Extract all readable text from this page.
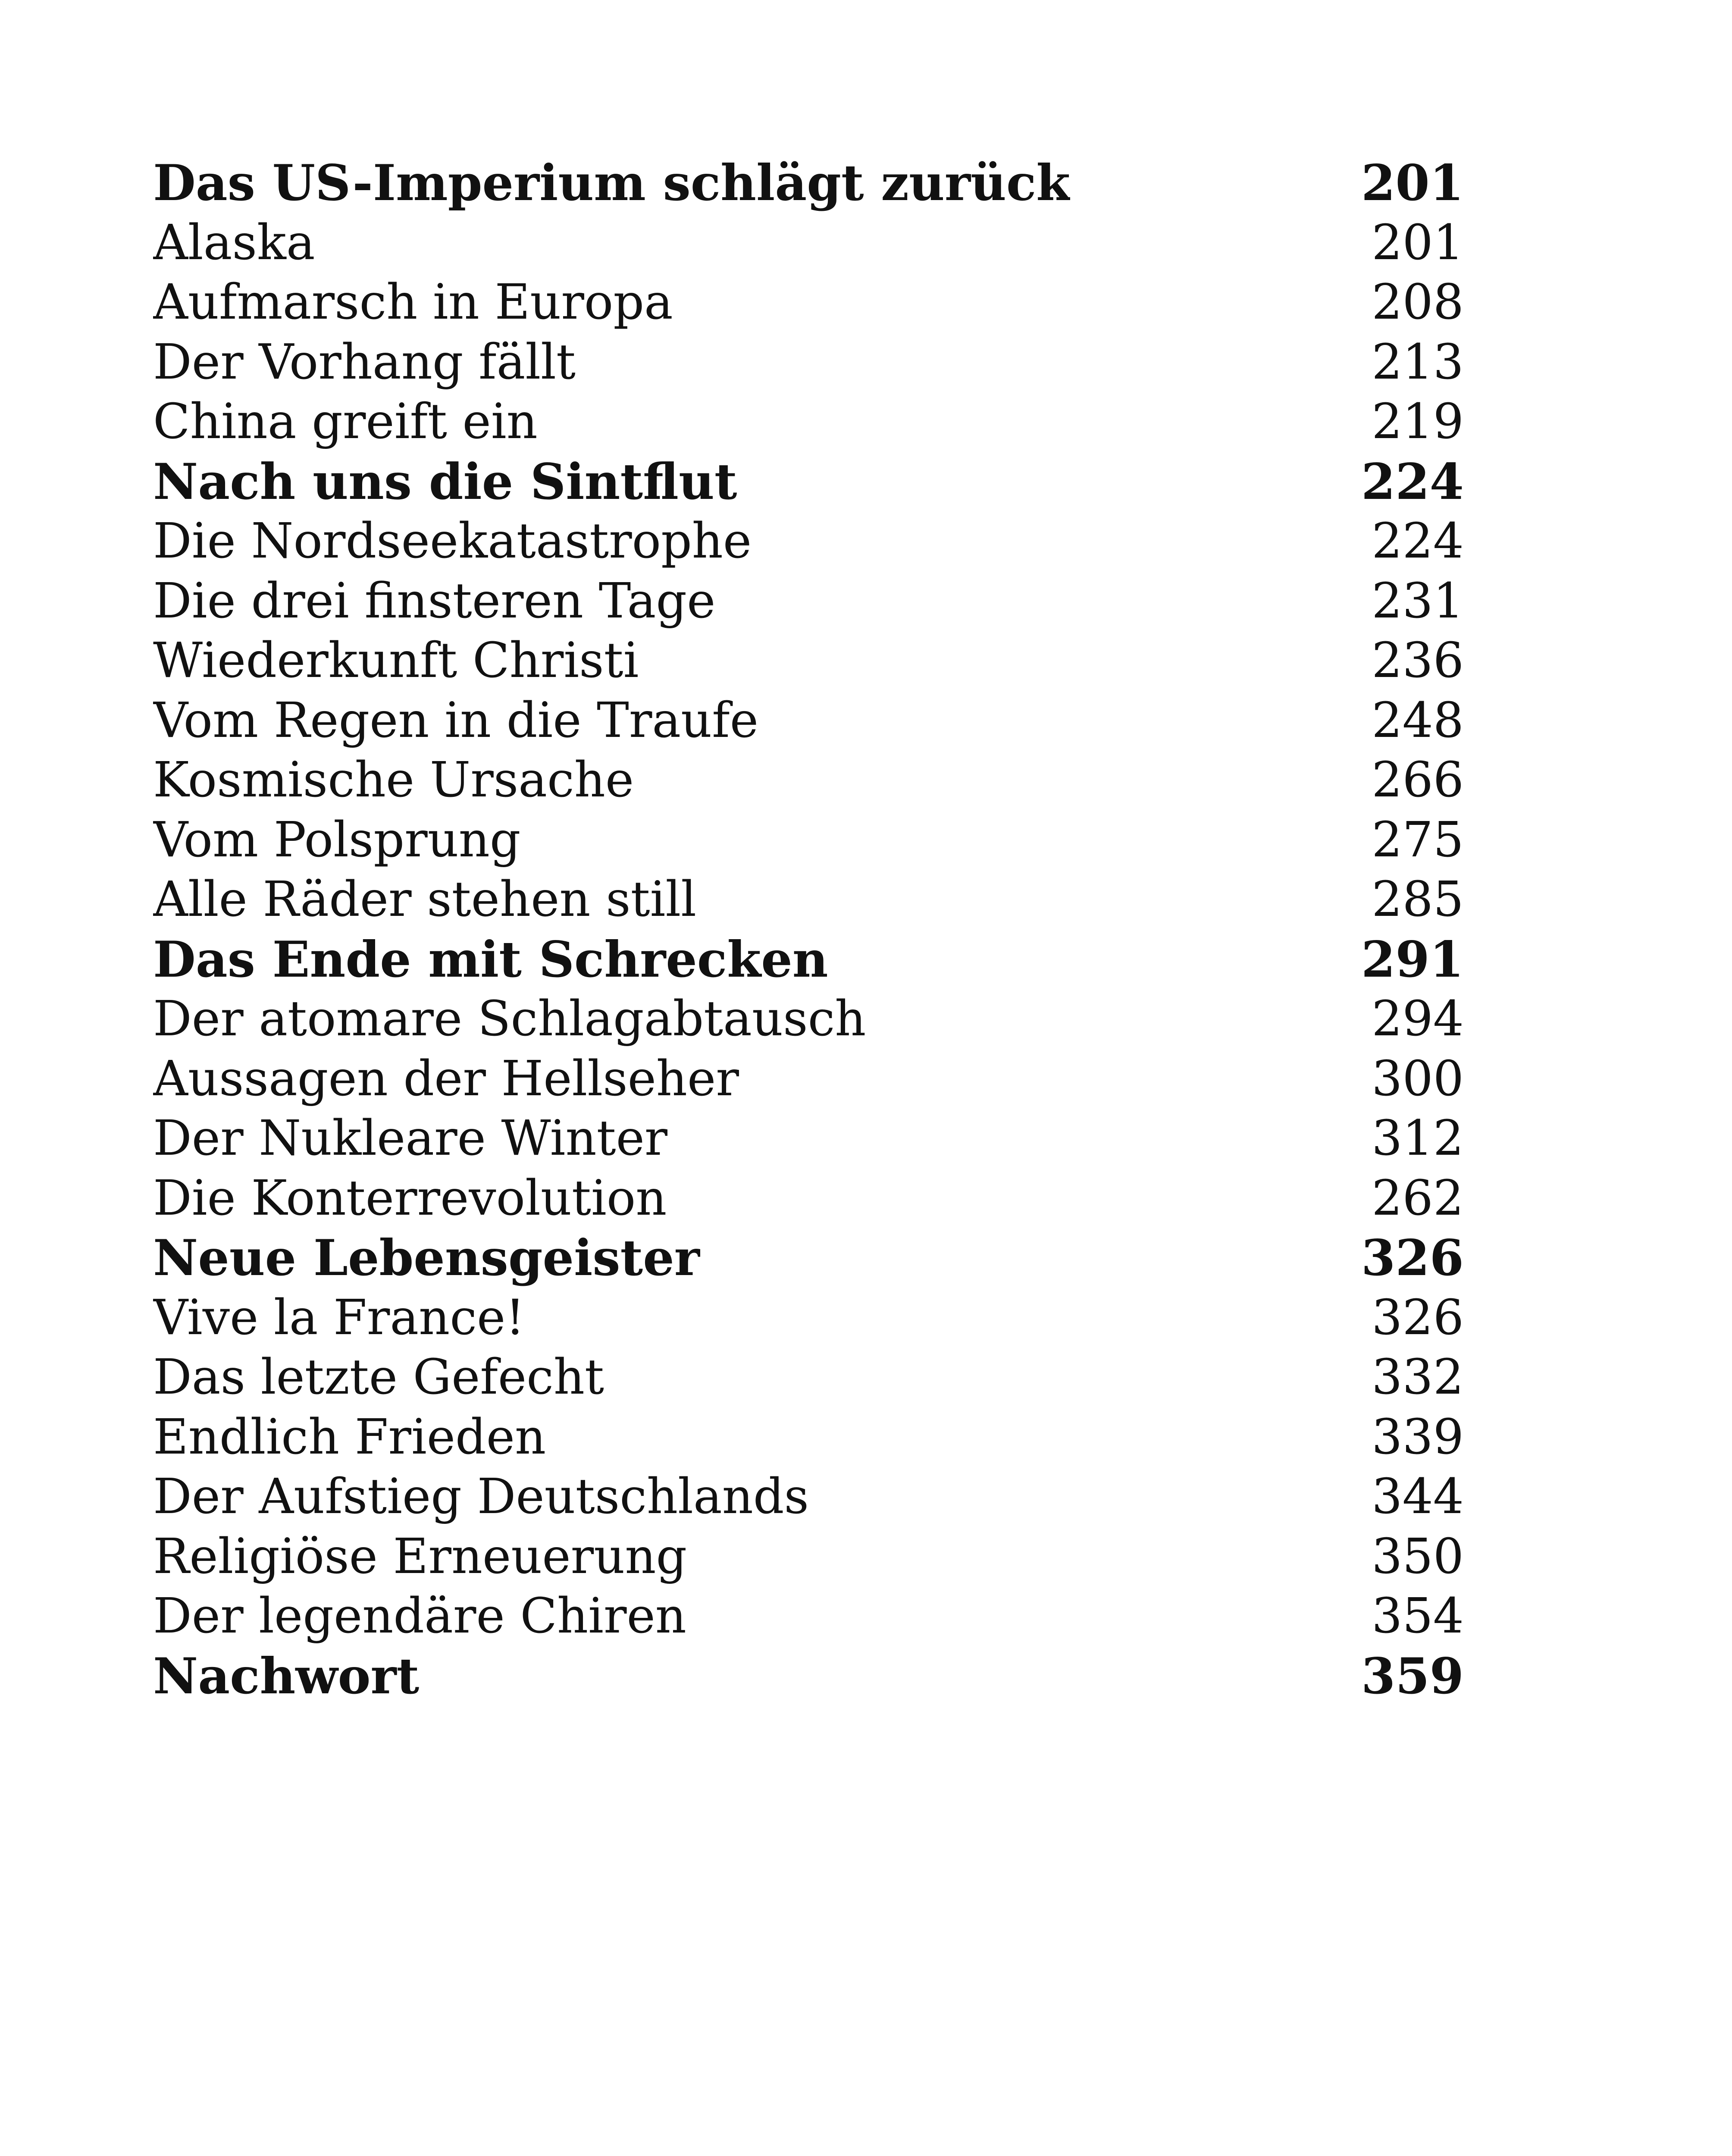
Das US-Imperium schlägt zurück	201
Alaska	201
Aufmarsch in Europa	208
Der Vorhang fällt	213
China greift ein	219
Nach uns die Sintflut	224
Die Nordseekatastrophe	224
Die drei finsteren Tage	231
Wiederkunft Christi	236
Vom Regen in die Traufe	248
Kosmische Ursache	266
Vom Polsprung	275
Alle Räder stehen still	285
Das Ende mit Schrecken	291
Der atomare Schlagabtausch	294
Aussagen der Hellseher	300
Der Nukleare Winter	312
Die Konterrevolution	262
Neue Lebensgeister	326
Vive la France!	326
Das letzte Gefecht	332
Endlich Frieden	339
Der Aufstieg Deutschlands	344
Religiöse Erneuerung	350
Der legendäre Chiren	354
Nachwort	359
